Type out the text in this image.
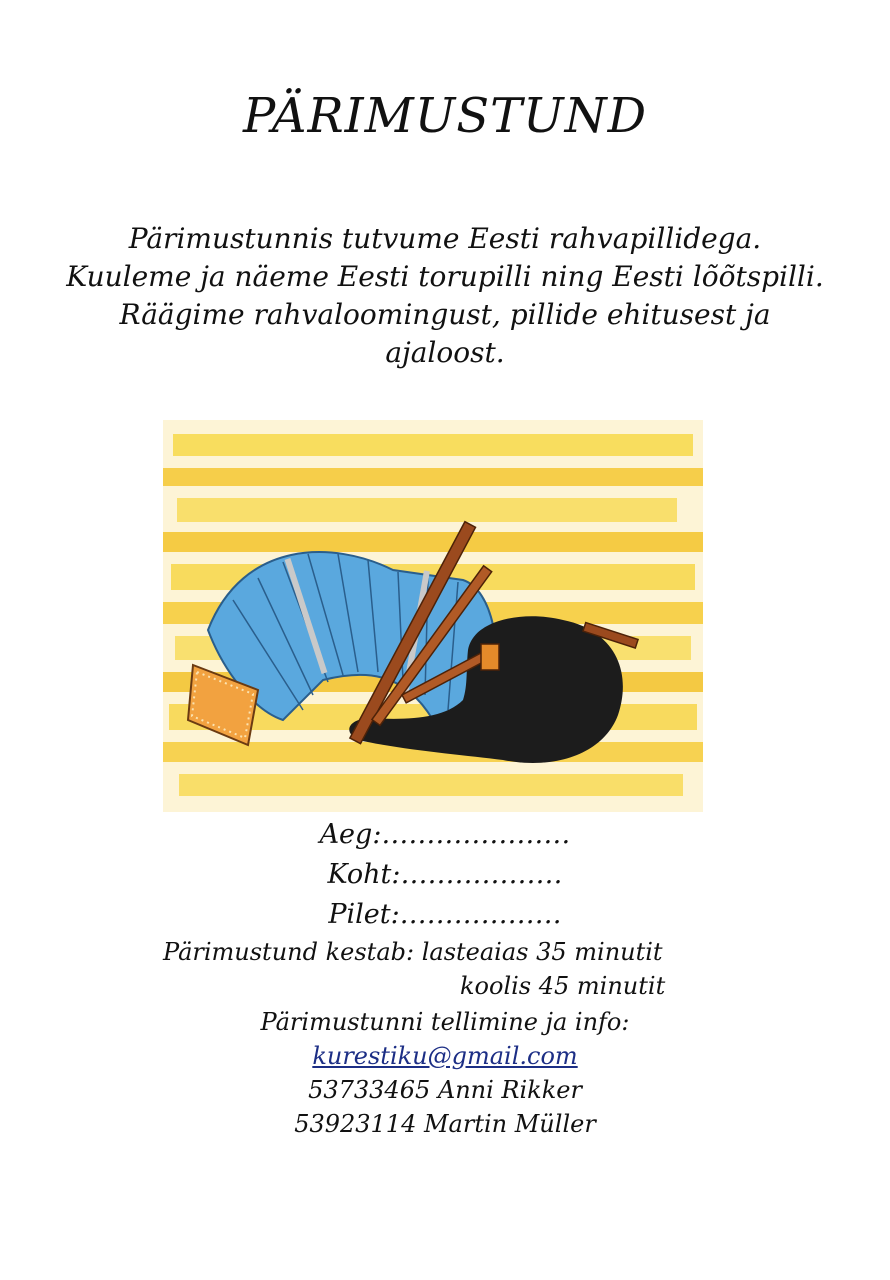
PÄRIMUSTUND

Pärimustunnis tutvume Eesti rahvapillidega.

Kuuleme ja näeme Eesti torupilli ning Eesti lõõtspilli.

Räägime rahvaloomingust, pillide ehitusest ja ajaloost.

Aeg:…………………
Koht:………………
Pilet:………………
Pärimustund kestab: lasteaias 35 minutit
koolis 45 minutit
Pärimustunni tellimine ja info:
kurestiku@gmail.com
53733465 Anni Rikker
53923114 Martin Müller
